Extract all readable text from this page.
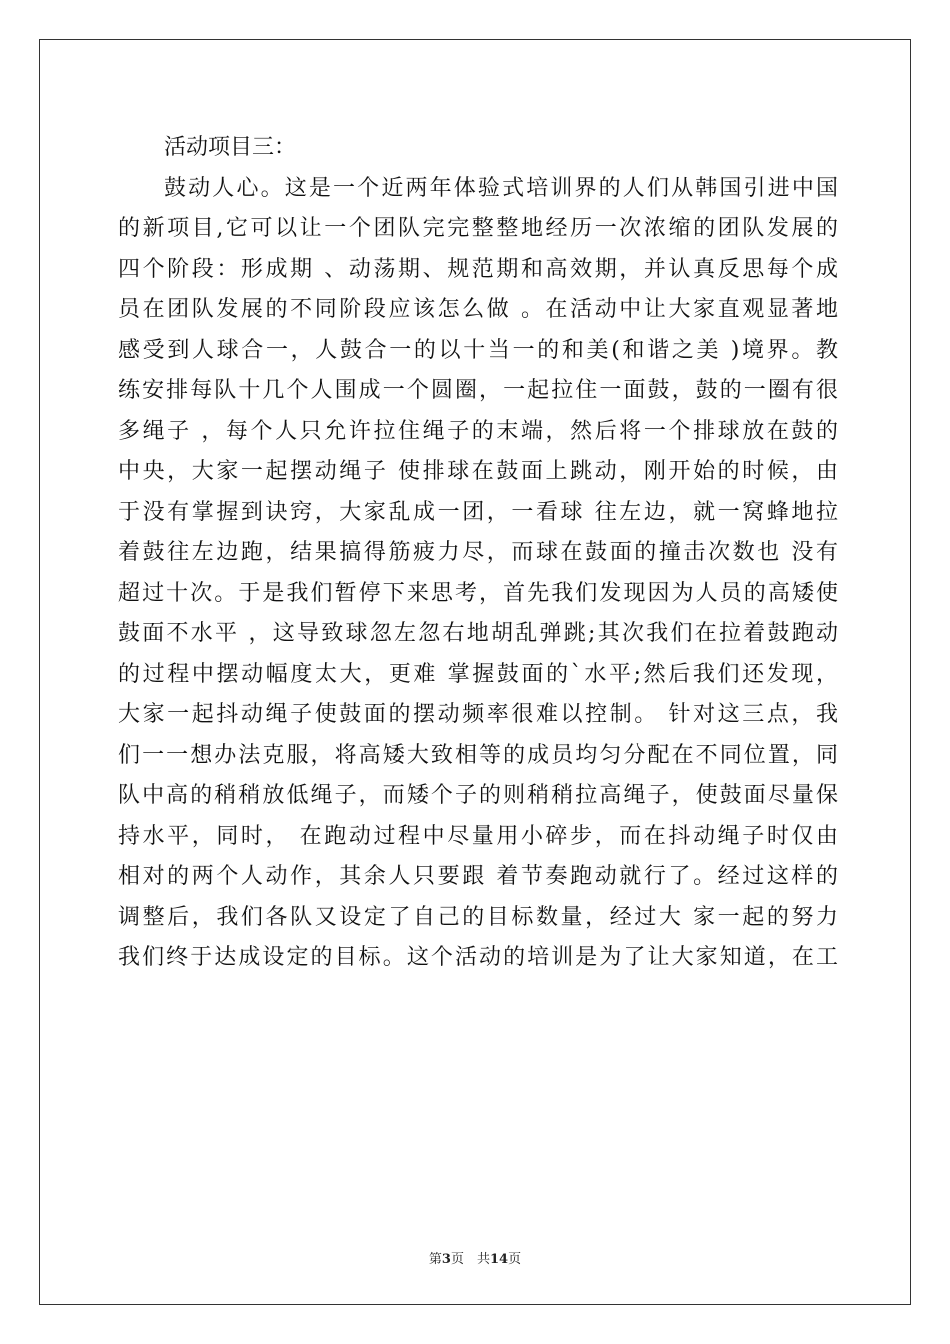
活动项目三：
鼓动人心。这是一个近两年体验式培训界的人们从韩国引进中国
的新项目,它可以让一个团队完完整整地经历一次浓缩的团队发展的
四个阶段：形成期 、动荡期、规范期和高效期，并认真反思每个成
员在团队发展的不同阶段应该怎么做 。在活动中让大家直观显著地
感受到人球合一，人鼓合一的以十当一的和美(和谐之美 )境界。教
练安排每队十几个人围成一个圆圈，一起拉住一面鼓，鼓的一圈有很
多绳子 ，每个人只允许拉住绳子的末端，然后将一个排球放在鼓的
中央，大家一起摆动绳子 使排球在鼓面上跳动，刚开始的时候，由
于没有掌握到诀窍，大家乱成一团，一看球 往左边，就一窝蜂地拉
着鼓往左边跑，结果搞得筋疲力尽，而球在鼓面的撞击次数也 没有
超过十次。于是我们暂停下来思考，首先我们发现因为人员的高矮使
鼓面不水平 ，这导致球忽左忽右地胡乱弹跳;其次我们在拉着鼓跑动
的过程中摆动幅度太大，更难 掌握鼓面的`水平;然后我们还发现，
大家一起抖动绳子使鼓面的摆动频率很难以控制。 针对这三点，我
们一一想办法克服，将高矮大致相等的成员均匀分配在不同位置，同
队中高的稍稍放低绳子，而矮个子的则稍稍拉高绳子，使鼓面尽量保
持水平，同时， 在跑动过程中尽量用小碎步，而在抖动绳子时仅由
相对的两个人动作，其余人只要跟 着节奏跑动就行了。经过这样的
调整后，我们各队又设定了自己的目标数量，经过大 家一起的努力
我们终于达成设定的目标。这个活动的培训是为了让大家知道，在工
第3页　共14页
